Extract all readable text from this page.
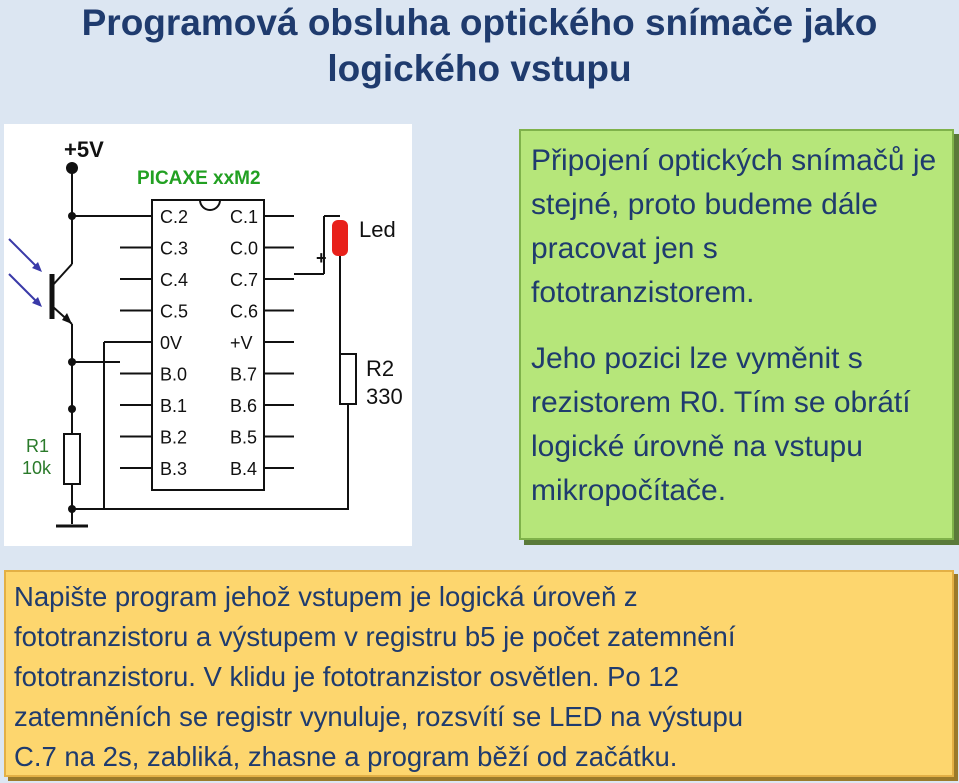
Programová obsluha optického snímače jako
logického vstupu
+5V
R1
10k
PICAXE xxM2
C.2
C.3
C.4
C.5
0V
B.0
B.1
B.2
B.3
C.1
C.0
C.7
C.6
+V
B.7
B.6
B.5
B.4
Led
+
R2
330

Připojení optických snímačů je stejné, proto budeme dále pracovat jen s fototranzistorem.

Jeho pozici lze vyměnit s rezistorem R0. Tím se obrátí logické úrovně na vstupu mikropočítače.

Napište program jehož vstupem je logická úroveň z

fototranzistoru a výstupem v registru b5 je počet zatemnění

fototranzistoru. V klidu je fototranzistor osvětlen. Po 12

zatemněních se registr vynuluje, rozsvítí se LED na výstupu

C.7 na 2s, zabliká, zhasne a program běží od začátku.
